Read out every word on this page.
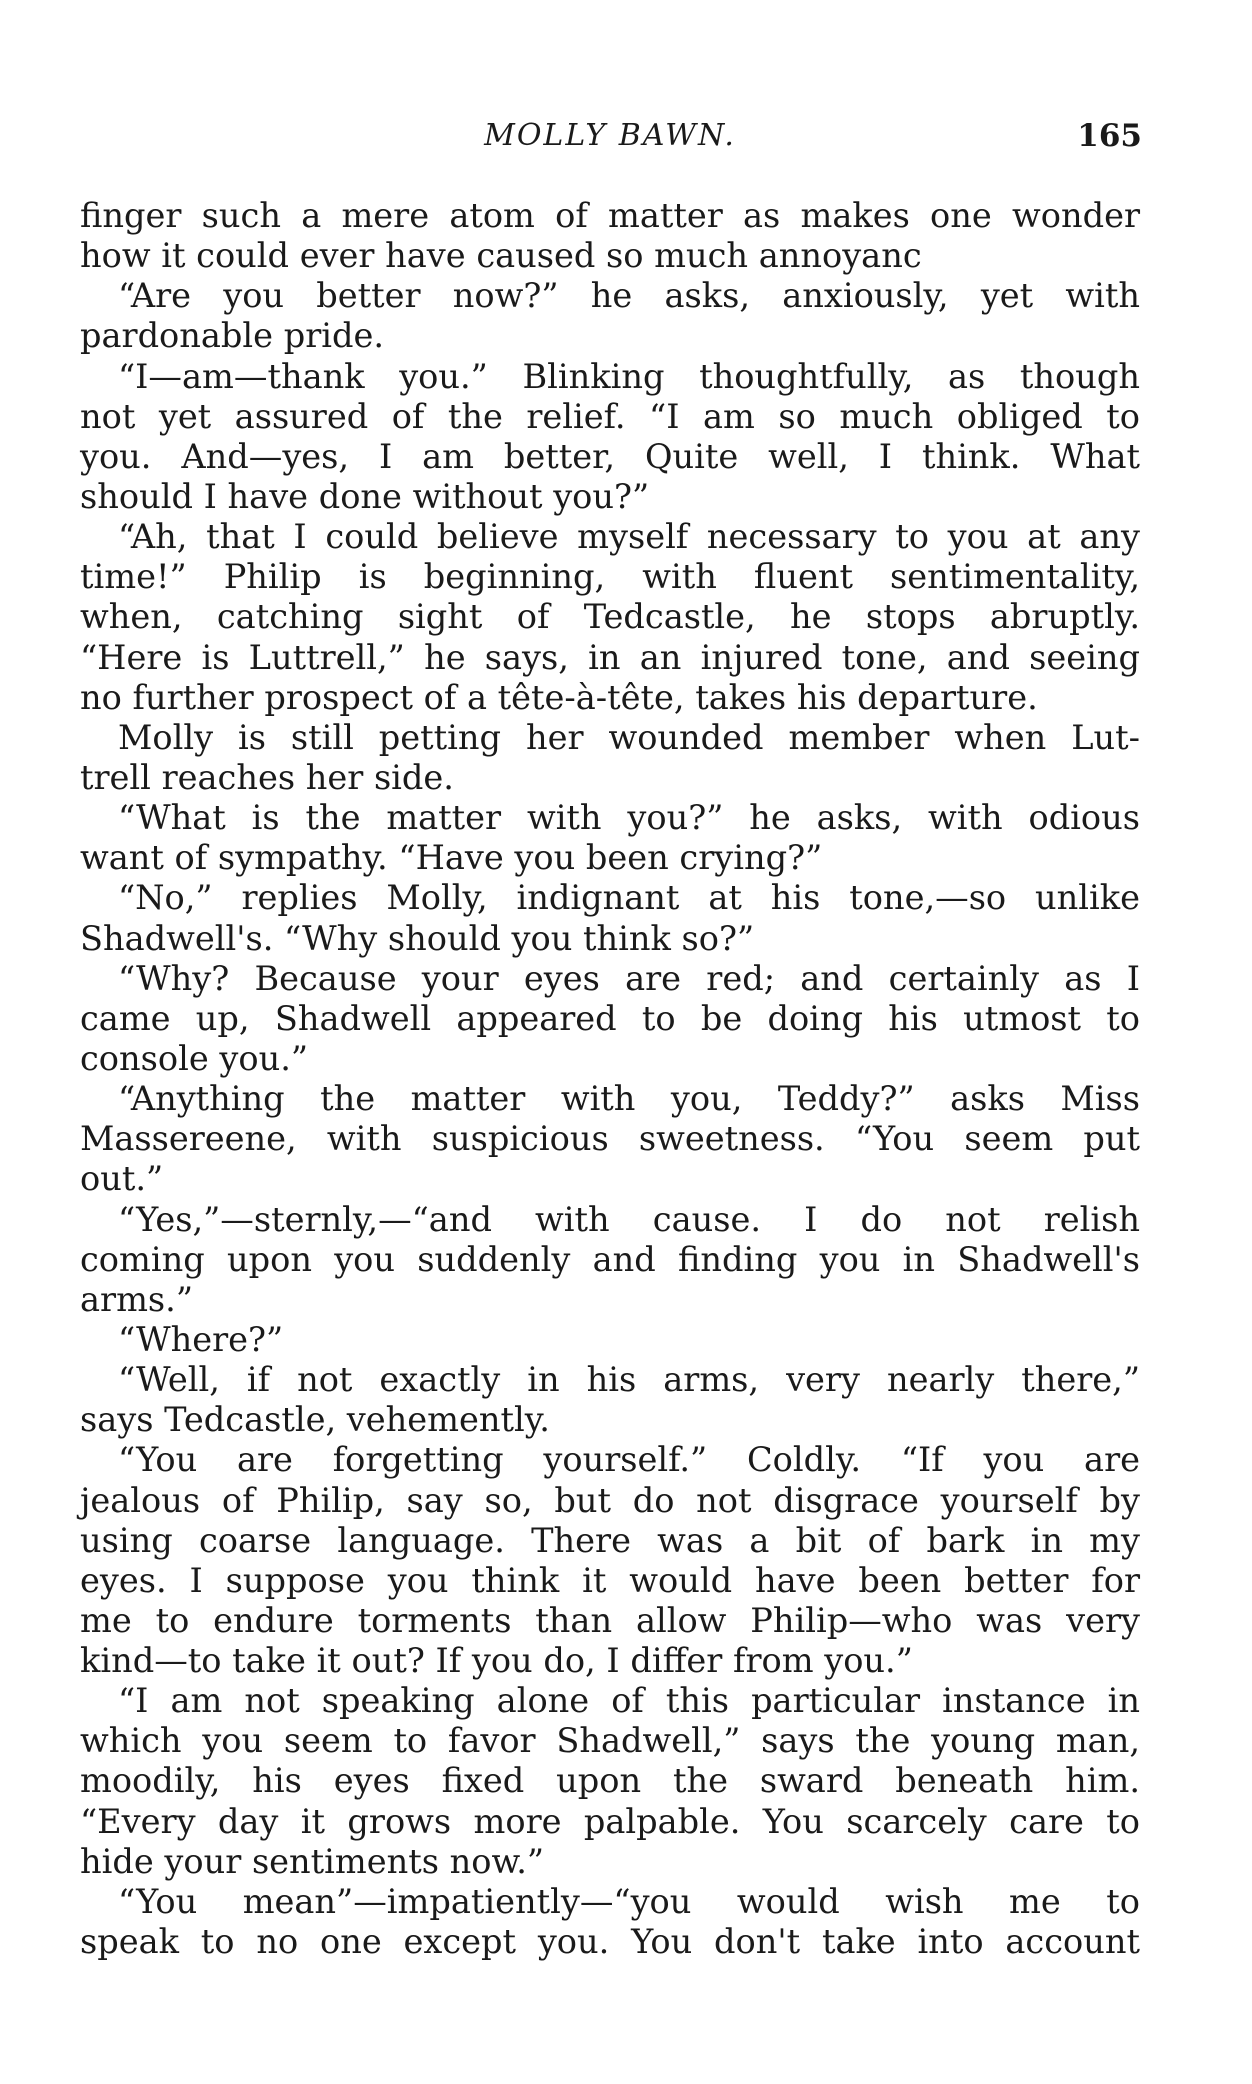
MOLLY BAWN.	165
finger such a mere atom of matter as makes one wonder
how it could ever have caused so much annoyanc
“Are you better now?” he asks, anxiously, yet with
pardonable pride.
“I—am—thank you.” Blinking thoughtfully, as though
not yet assured of the relief. “I am so much obliged to
you. And—yes, I am better, Quite well, I think. What
should I have done without you?”
“Ah, that I could believe myself necessary to you at any
time!” Philip is beginning, with fluent sentimentality,
when, catching sight of Tedcastle, he stops abruptly.
“Here is Luttrell,” he says, in an injured tone, and seeing
no further prospect of a tête-à-tête, takes his departure.
Molly is still petting her wounded member when Lut-
trell reaches her side.
“What is the matter with you?” he asks, with odious
want of sympathy. “Have you been crying?”
“No,” replies Molly, indignant at his tone,—so unlike
Shadwell's. “Why should you think so?”
“Why? Because your eyes are red; and certainly as I
came up, Shadwell appeared to be doing his utmost to
console you.”
“Anything the matter with you, Teddy?” asks Miss
Massereene, with suspicious sweetness. “You seem put
out.”
“Yes,”—sternly,—“and with cause. I do not relish
coming upon you suddenly and finding you in Shadwell's
arms.”
“Where?”
“Well, if not exactly in his arms, very nearly there,”
says Tedcastle, vehemently.
“You are forgetting yourself.” Coldly. “If you are
jealous of Philip, say so, but do not disgrace yourself by
using coarse language. There was a bit of bark in my
eyes. I suppose you think it would have been better for
me to endure torments than allow Philip—who was very
kind—to take it out? If you do, I differ from you.”
“I am not speaking alone of this particular instance in
which you seem to favor Shadwell,” says the young man,
moodily, his eyes fixed upon the sward beneath him.
“Every day it grows more palpable. You scarcely care to
hide your sentiments now.”
“You mean”—impatiently—“you would wish me to
speak to no one except you. You don't take into account
